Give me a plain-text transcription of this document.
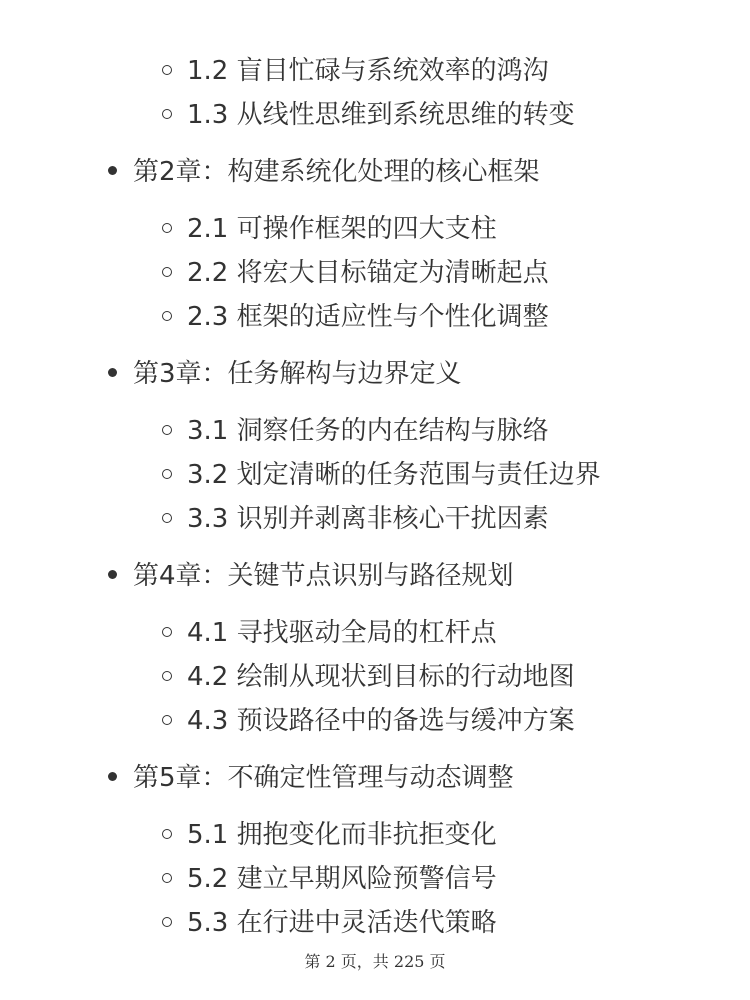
1.2 盲目忙碌与系统效率的鸿沟
1.3 从线性思维到系统思维的转变
第2章：构建系统化处理的核心框架
2.1 可操作框架的四大支柱
2.2 将宏大目标锚定为清晰起点
2.3 框架的适应性与个性化调整
第3章：任务解构与边界定义
3.1 洞察任务的内在结构与脉络
3.2 划定清晰的任务范围与责任边界
3.3 识别并剥离非核心干扰因素
第4章：关键节点识别与路径规划
4.1 寻找驱动全局的杠杆点
4.2 绘制从现状到目标的行动地图
4.3 预设路径中的备选与缓冲方案
第5章：不确定性管理与动态调整
5.1 拥抱变化而非抗拒变化
5.2 建立早期风险预警信号
5.3 在行进中灵活迭代策略
第 2 页，共 225 页
